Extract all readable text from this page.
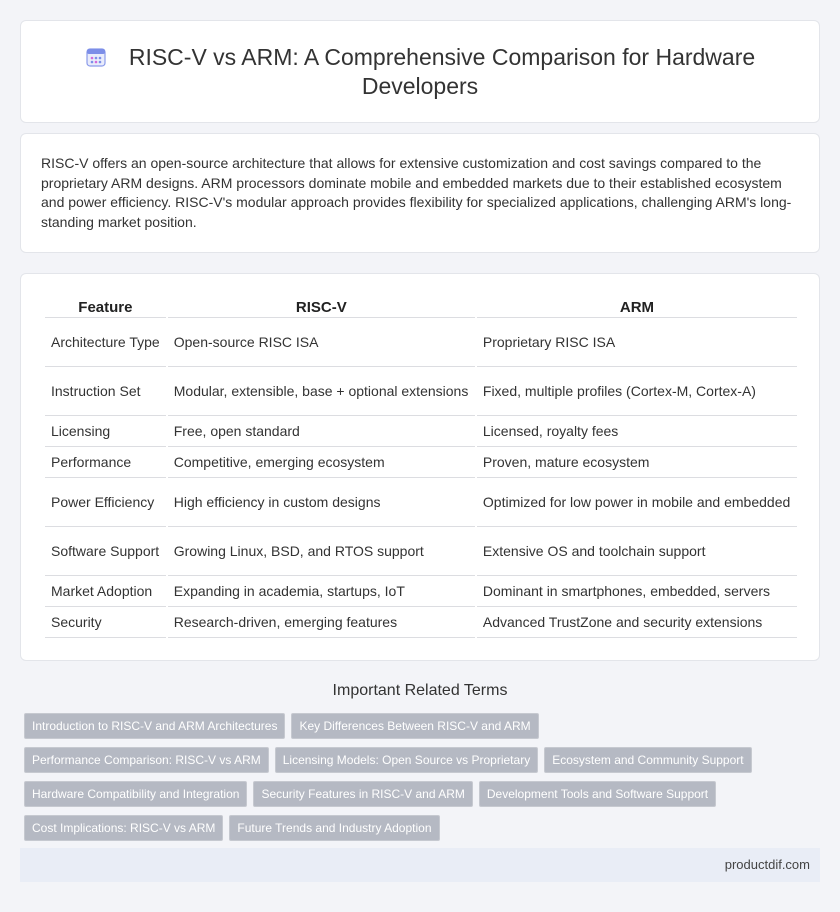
RISC-V vs ARM: A Comprehensive Comparison for Hardware Developers

RISC-V offers an open-source architecture that allows for extensive customization and cost savings compared to the proprietary ARM designs. ARM processors dominate mobile and embedded markets due to their established ecosystem and power efficiency. RISC-V's modular approach provides flexibility for specialized applications, challenging ARM's long-standing market position.

Feature	RISC-V	ARM
Architecture Type	Open-source RISC ISA	Proprietary RISC ISA
Instruction Set	Modular, extensible, base + optional extensions	Fixed, multiple profiles (Cortex-M, Cortex-A)
Licensing	Free, open standard	Licensed, royalty fees
Performance	Competitive, emerging ecosystem	Proven, mature ecosystem
Power Efficiency	High efficiency in custom designs	Optimized for low power in mobile and embedded
Software Support	Growing Linux, BSD, and RTOS support	Extensive OS and toolchain support
Market Adoption	Expanding in academia, startups, IoT	Dominant in smartphones, embedded, servers
Security	Research-driven, emerging features	Advanced TrustZone and security extensions
Important Related Terms
Introduction to RISC-V and ARM Architectures	Key Differences Between RISC-V and ARM
Performance Comparison: RISC-V vs ARM	Licensing Models: Open Source vs Proprietary	Ecosystem and Community Support
Hardware Compatibility and Integration	Security Features in RISC-V and ARM	Development Tools and Software Support
Cost Implications: RISC-V vs ARM	Future Trends and Industry Adoption
productdif.com
